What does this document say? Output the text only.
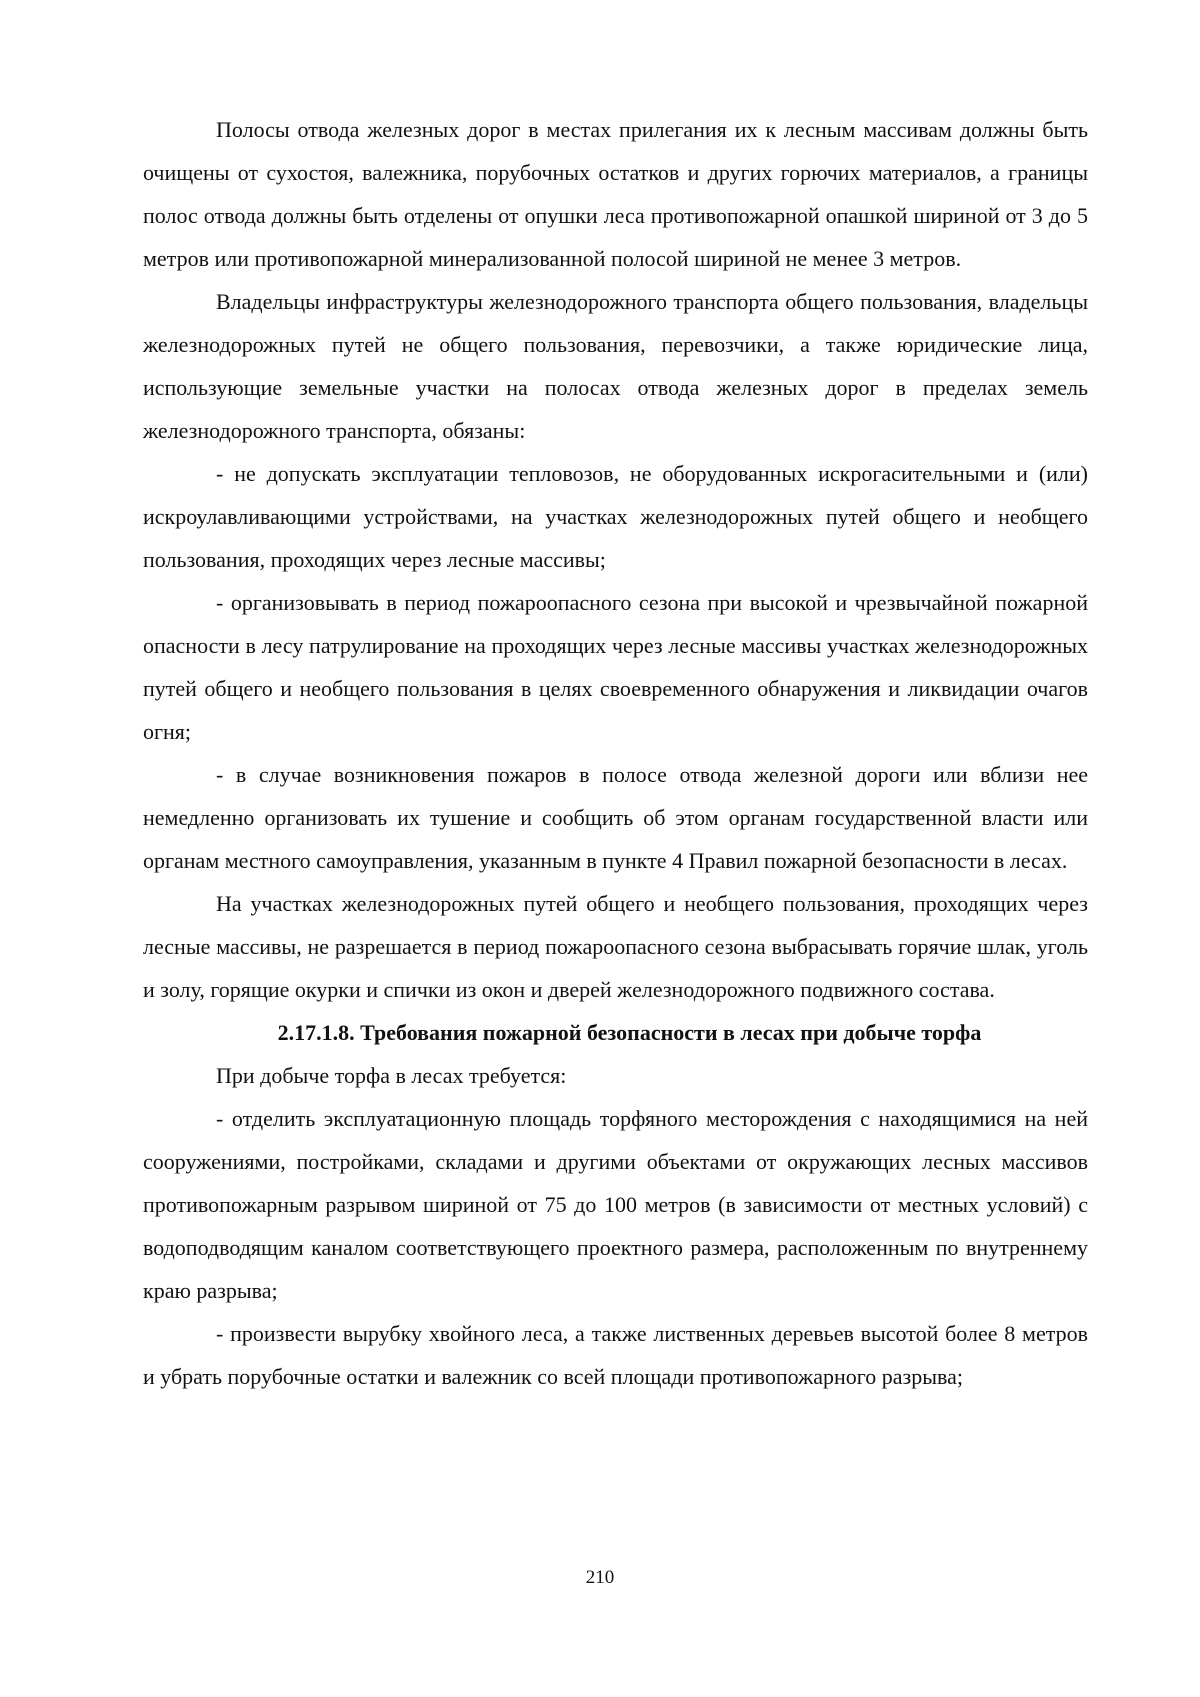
Полосы отвода железных дорог в местах прилегания их к лесным массивам должны быть очищены от сухостоя, валежника, порубочных остатков и других горючих материалов, а границы полос отвода должны быть отделены от опушки леса противопожарной опашкой шириной от 3 до 5 метров или противопожарной минерализованной полосой шириной не менее 3 метров.

Владельцы инфраструктуры железнодорожного транспорта общего пользования, владельцы железнодорожных путей не общего пользования, перевозчики, а также юридические лица, использующие земельные участки на полосах отвода железных дорог в пределах земель железнодорожного транспорта, обязаны:

- не допускать эксплуатации тепловозов, не оборудованных искрогасительными и (или) искроулавливающими устройствами, на участках железнодорожных путей общего и необщего пользования, проходящих через лесные массивы;

- организовывать в период пожароопасного сезона при высокой и чрезвычайной пожарной опасности в лесу патрулирование на проходящих через лесные массивы участках железнодорожных путей общего и необщего пользования в целях своевременного обнаружения и ликвидации очагов огня;

- в случае возникновения пожаров в полосе отвода железной дороги или вблизи нее немедленно организовать их тушение и сообщить об этом органам государственной власти или органам местного самоуправления, указанным в пункте 4 Правил пожарной безопасности в лесах.

На участках железнодорожных путей общего и необщего пользования, проходящих через лесные массивы, не разрешается в период пожароопасного сезона выбрасывать горячие шлак, уголь и золу, горящие окурки и спички из окон и дверей железнодорожного подвижного состава.

2.17.1.8. Требования пожарной безопасности в лесах при добыче торфа

При добыче торфа в лесах требуется:

- отделить эксплуатационную площадь торфяного месторождения с находящимися на ней сооружениями, постройками, складами и другими объектами от окружающих лесных массивов противопожарным разрывом шириной от 75 до 100 метров (в зависимости от местных условий) с водоподводящим каналом соответствующего проектного размера, расположенным по внутреннему краю разрыва;

- произвести вырубку хвойного леса, а также лиственных деревьев высотой более 8 метров и убрать порубочные остатки и валежник со всей площади противопожарного разрыва;

210
